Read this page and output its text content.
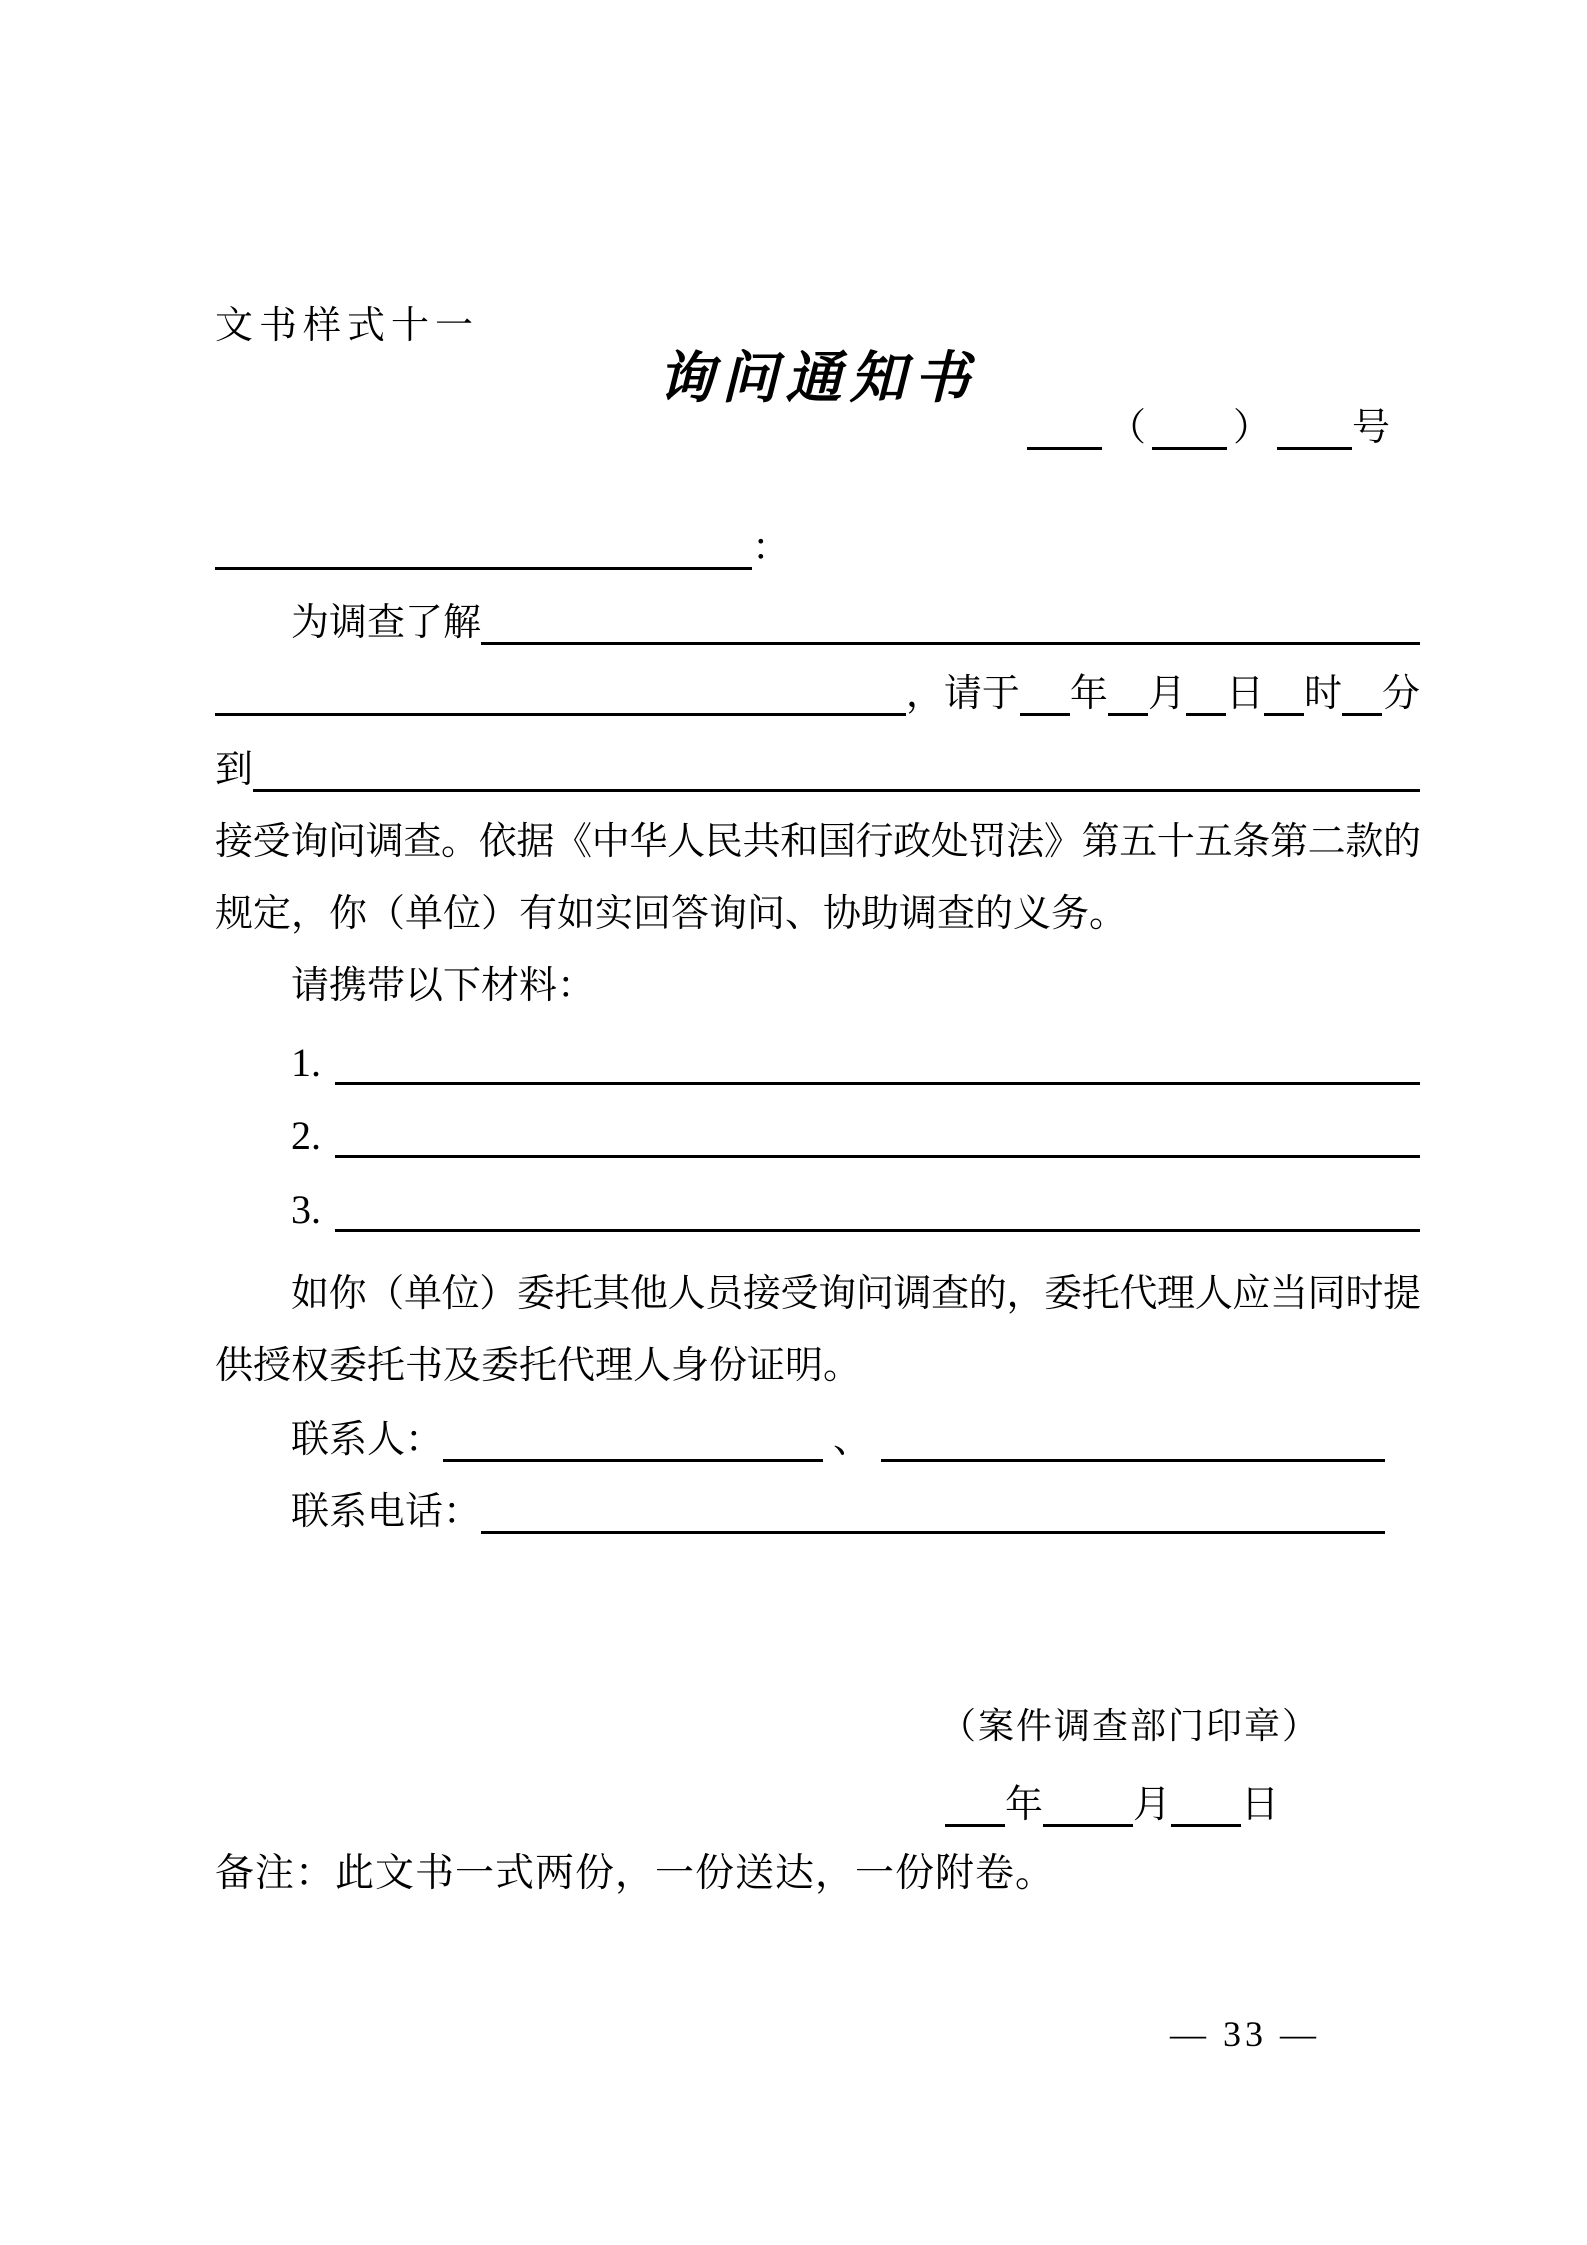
文书样式十一
询问通知书
（ ） 号
：
为调查了解
，请于 年 月 日 时 分
到
接受询问调查。依据《中华人民共和国行政处罚法》第五十五条第二款的
规定，你（单位）有如实回答询问、协助调查的义务。
请携带以下材料：
1.
2.
3.
如你（单位）委托其他人员接受询问调查的，委托代理人应当同时提
供授权委托书及委托代理人身份证明。
联系人：	、
联系电话：
（案件调查部门印章）
年 月 日
备注：此文书一式两份，一份送达，一份附卷。
— 33 —
